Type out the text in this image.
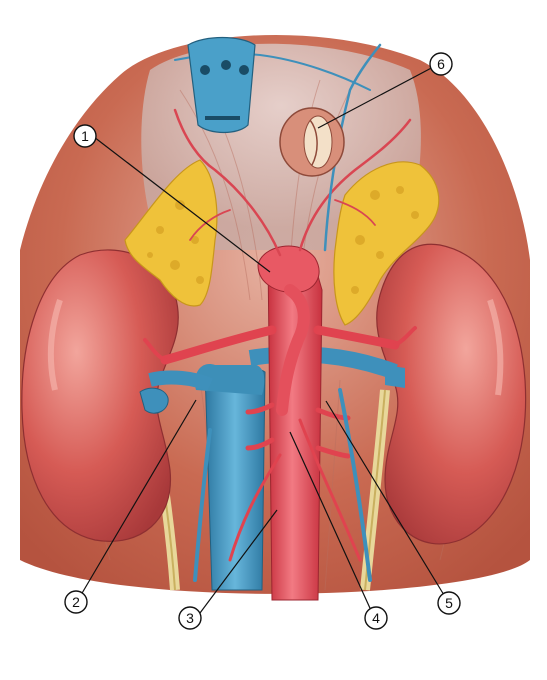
1
2
3	4
5
6
